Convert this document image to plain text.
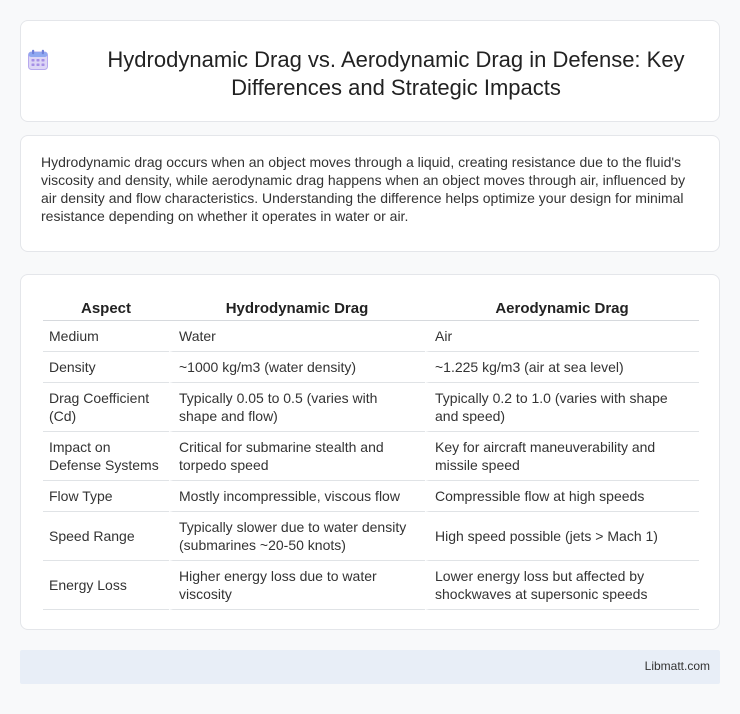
Hydrodynamic Drag vs. Aerodynamic Drag in Defense: Key Differences and Strategic Impacts

Hydrodynamic drag occurs when an object moves through a liquid, creating resistance due to the fluid's viscosity and density, while aerodynamic drag happens when an object moves through air, influenced by air density and flow characteristics. Understanding the difference helps optimize your design for minimal resistance depending on whether it operates in water or air.

Aspect	Hydrodynamic Drag	Aerodynamic Drag
Medium	Water	Air
Density	~1000 kg/m3 (water density)	~1.225 kg/m3 (air at sea level)
Drag Coefficient (Cd)	Typically 0.05 to 0.5 (varies with shape and flow)	Typically 0.2 to 1.0 (varies with shape and speed)
Impact on Defense Systems	Critical for submarine stealth and torpedo speed	Key for aircraft maneuverability and missile speed
Flow Type	Mostly incompressible, viscous flow	Compressible flow at high speeds
Speed Range	Typically slower due to water density (submarines ~20-50 knots)	High speed possible (jets > Mach 1)
Energy Loss	Higher energy loss due to water viscosity	Lower energy loss but affected by shockwaves at supersonic speeds
Libmatt.com
